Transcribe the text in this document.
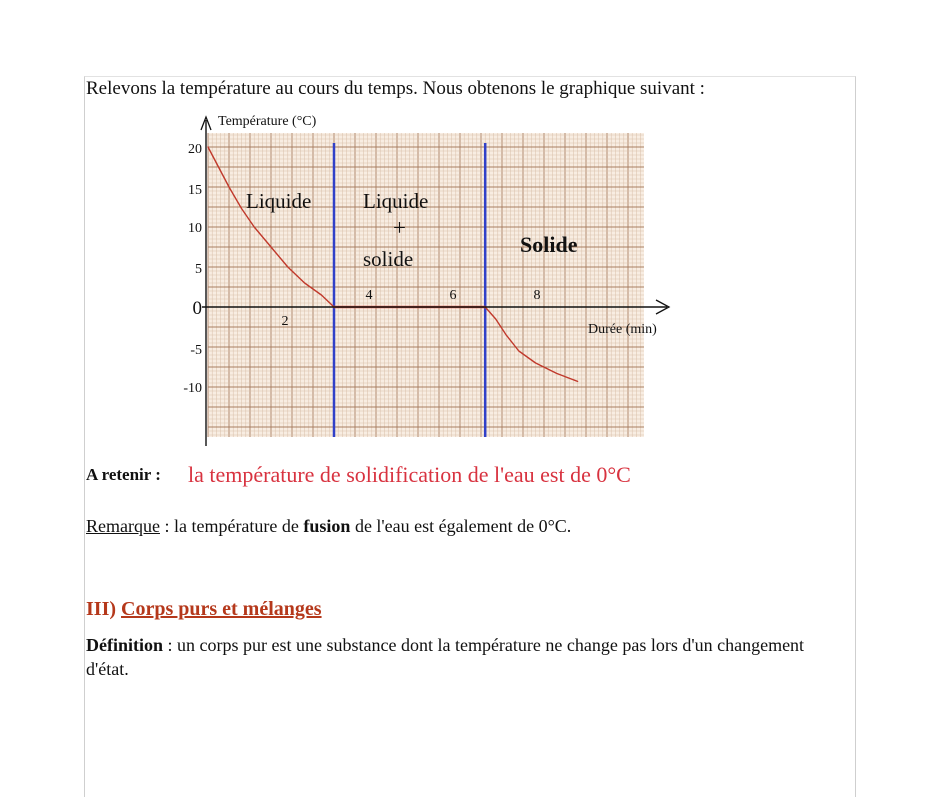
Relevons la température au cours du temps. Nous obtenons le graphique suivant :
Température (°C)
Durée (min)
20
15
10
5
0
-5
-10
2
4	6	8
Liquide Liquide
+
solide
Solide
A retenir : la température de solidification de l'eau est de 0°C
Remarque : la température de fusion de l'eau est également de 0°C.
III) Corps purs et mélanges
Définition : un corps pur est une substance dont la température ne change pas lors d'un changement d'état.
